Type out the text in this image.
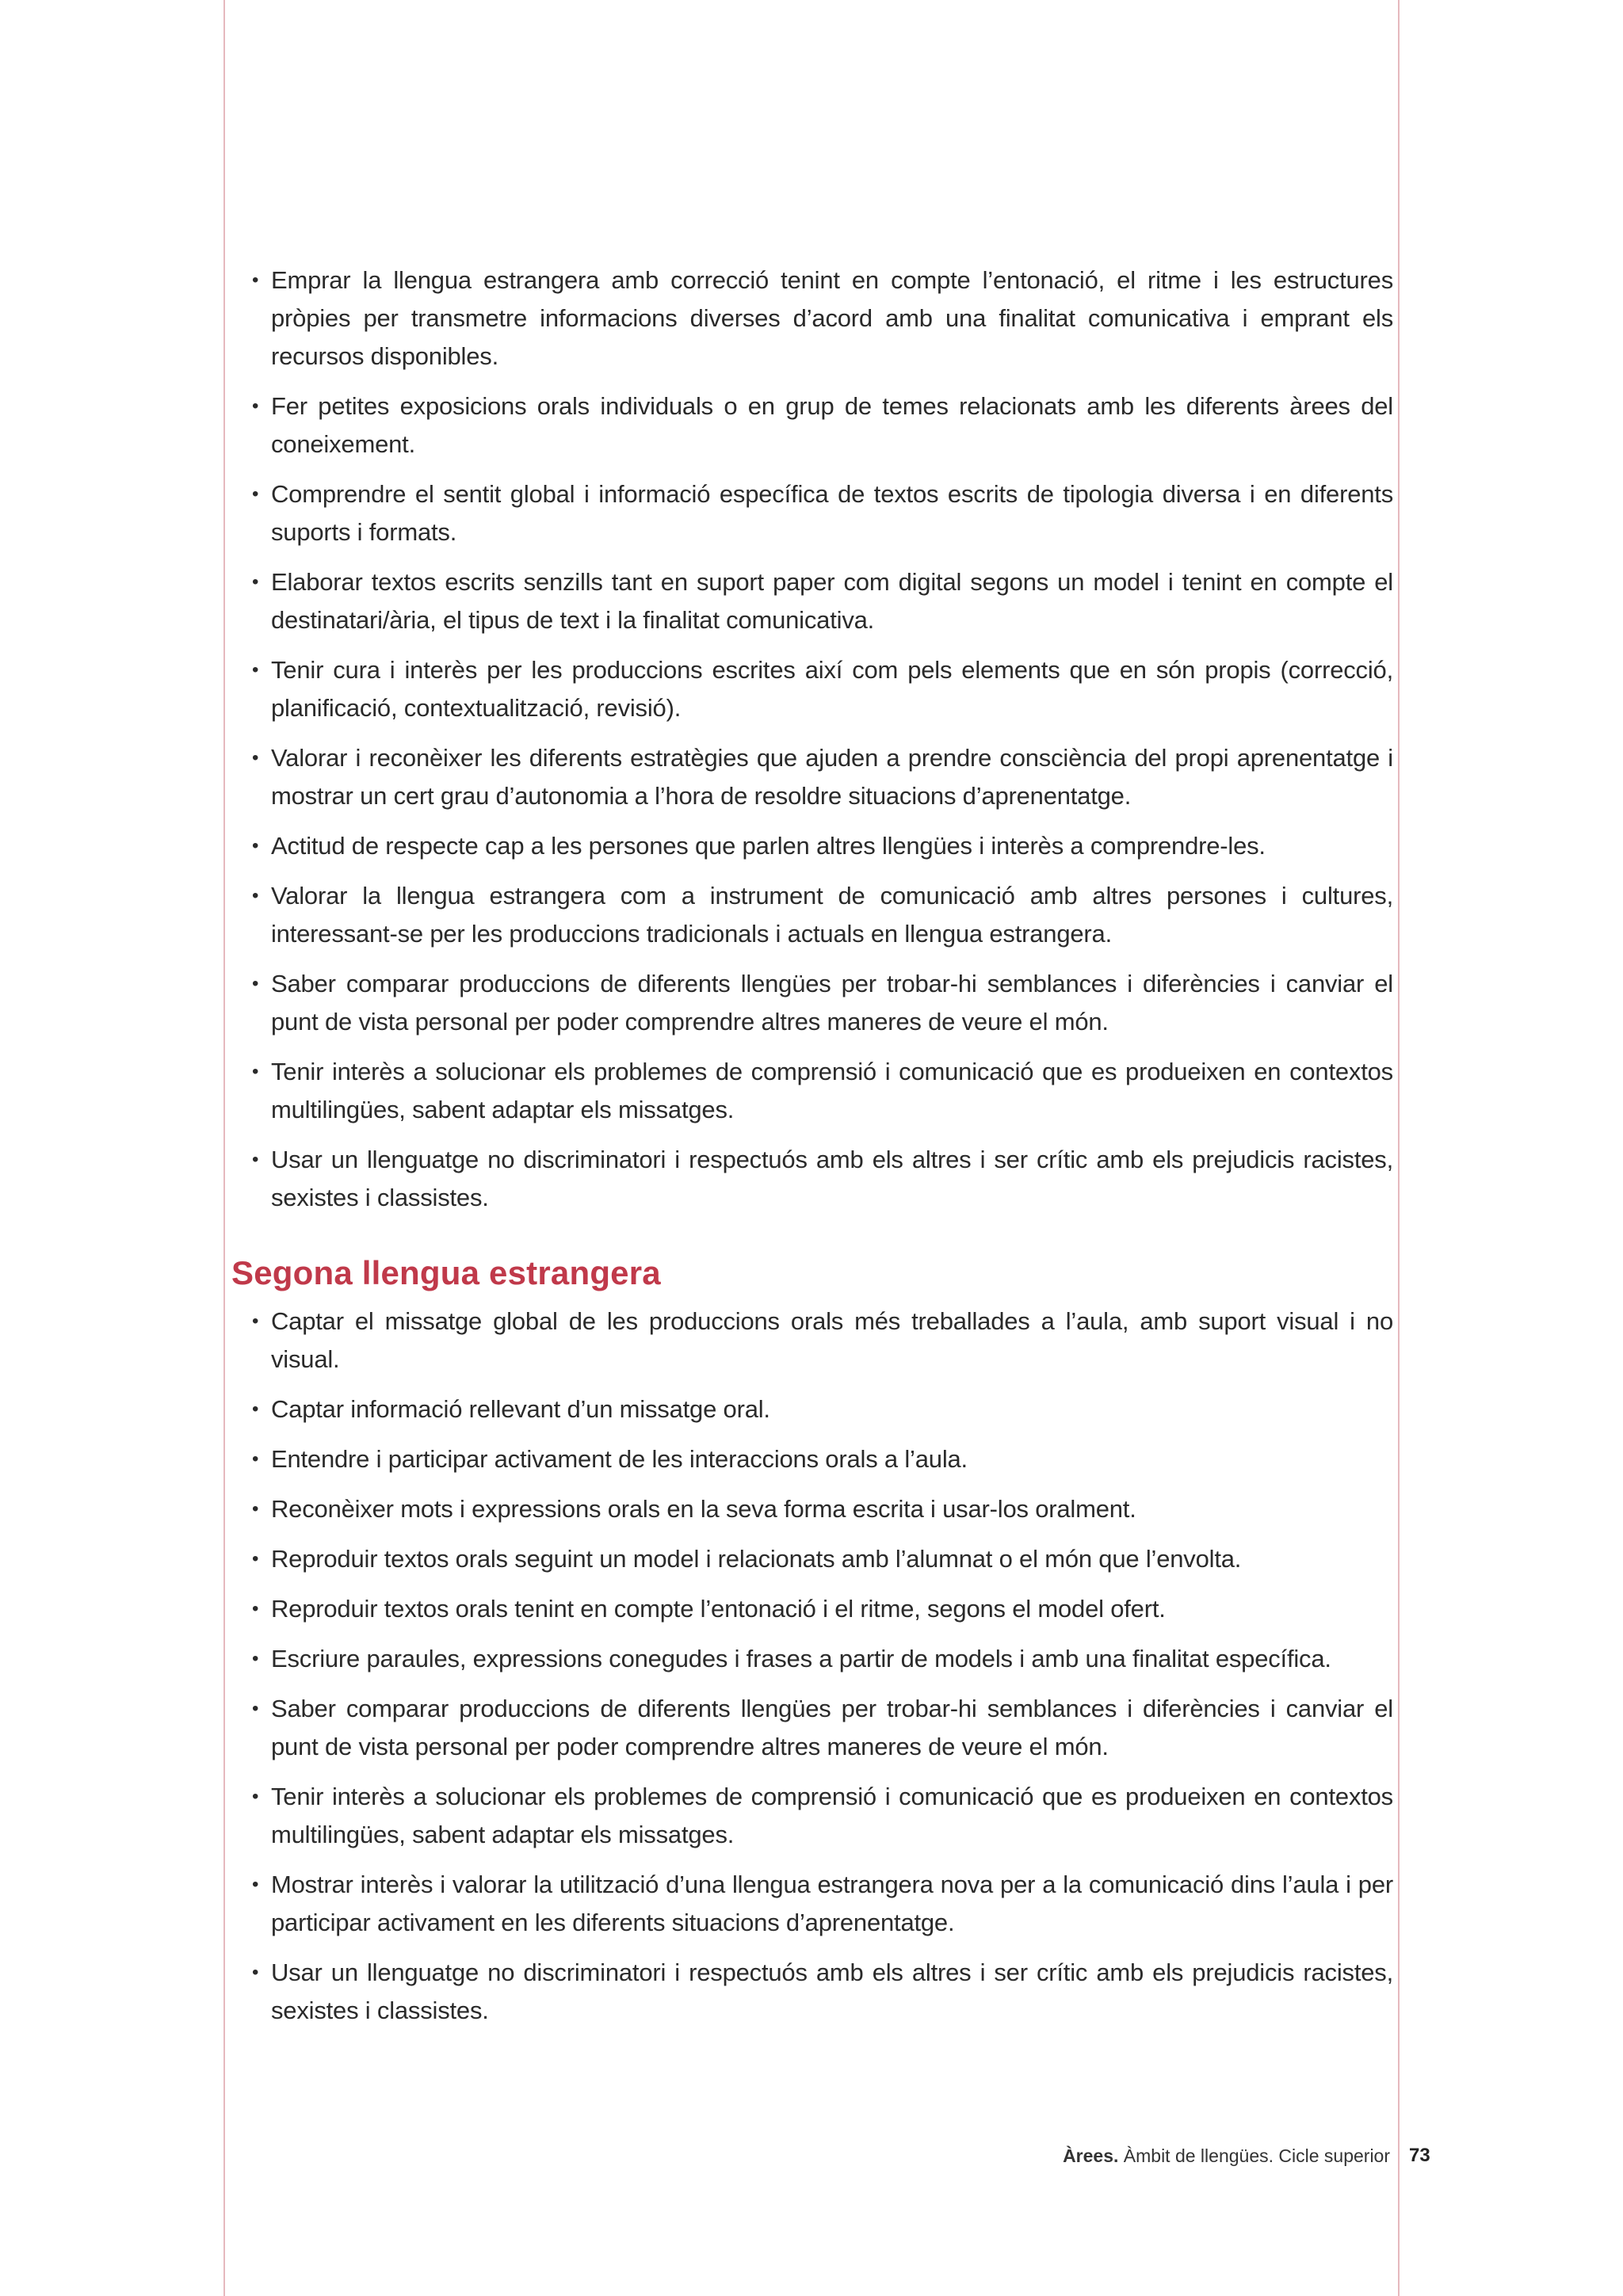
• Emprar la llengua estrangera amb correcció tenint en compte l’entonació, el ritme i les estructures pròpies per transmetre informacions diverses d’acord amb una finalitat comunicativa i emprant els recursos disponibles.
• Fer petites exposicions orals individuals o en grup de temes relacionats amb les diferents àrees del coneixement.
• Comprendre el sentit global i informació específica de textos escrits de tipologia diversa i en diferents suports i formats.
• Elaborar textos escrits senzills tant en suport paper com digital segons un model i tenint en compte el destinatari/ària, el tipus de text i la finalitat comunicativa.
• Tenir cura i interès per les produccions escrites així com pels elements que en són propis (correcció, planificació, contextualització, revisió).
• Valorar i reconèixer les diferents estratègies que ajuden a prendre consciència del propi aprenentatge i mostrar un cert grau d’autonomia a l’hora de resoldre situacions d’aprenentatge.
• Actitud de respecte cap a les persones que parlen altres llengües i interès a comprendre-les.
• Valorar la llengua estrangera com a instrument de comunicació amb altres persones i cultures, interessant-se per les produccions tradicionals i actuals en llengua estrangera.
• Saber comparar produccions de diferents llengües per trobar-hi semblances i diferències i canviar el punt de vista personal per poder comprendre altres maneres de veure el món.
• Tenir interès a solucionar els problemes de comprensió i comunicació que es produeixen en contextos multilingües, sabent adaptar els missatges.
• Usar un llenguatge no discriminatori i respectuós amb els altres i ser crític amb els prejudicis racistes, sexistes i classistes.
Segona llengua estrangera
• Captar el missatge global de les produccions orals més treballades a l’aula, amb suport visual i no visual.
• Captar informació rellevant d’un missatge oral.
• Entendre i participar activament de les interaccions orals a l’aula.
• Reconèixer mots i expressions orals en la seva forma escrita i usar-los oralment.
• Reproduir textos orals seguint un model i relacionats amb l’alumnat o el món que l’envolta.
• Reproduir textos orals tenint en compte l’entonació i el ritme, segons el model ofert.
• Escriure paraules, expressions conegudes i frases a partir de models i amb una finalitat específica.
• Saber comparar produccions de diferents llengües per trobar-hi semblances i diferències i canviar el punt de vista personal per poder comprendre altres maneres de veure el món.
• Tenir interès a solucionar els problemes de comprensió i comunicació que es produeixen en contextos multilingües, sabent adaptar els missatges.
• Mostrar interès i valorar la utilització d’una llengua estrangera nova per a la comunicació dins l’aula i per participar activament en les diferents situacions d’aprenentatge.
• Usar un llenguatge no discriminatori i respectuós amb els altres i ser crític amb els prejudicis racistes, sexistes i classistes.
Àrees. Àmbit de llengües. Cicle superior 73
